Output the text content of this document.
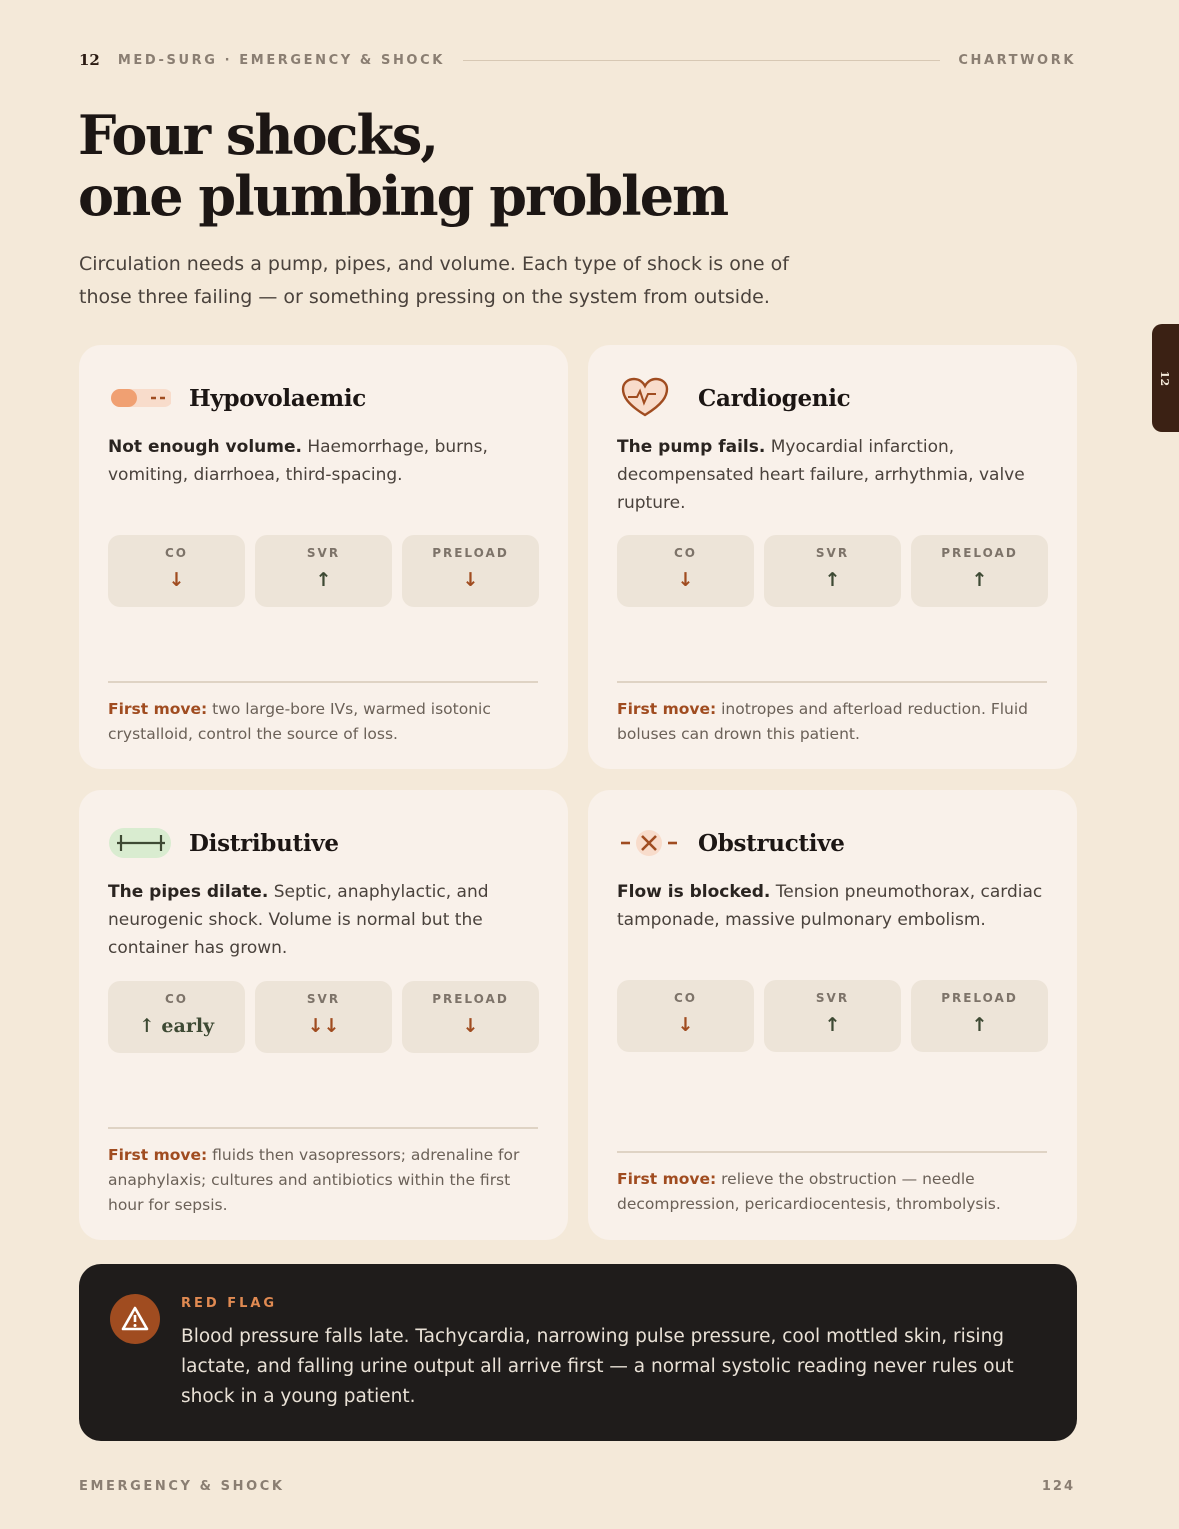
12 MED-SURG · EMERGENCY & SHOCK	CHARTWORK
Four shocks,
one plumbing problem

Circulation needs a pump, pipes, and volume. Each type of shock is one of those three failing — or something pressing on the system from outside.

12
Hypovolaemic

Not enough volume. Haemorrhage, burns, vomiting, diarrhoea, third-spacing.

CO
↓
SVR
↑
PRELOAD
↓

First move: two large-bore IVs, warmed isotonic crystalloid, control the source of loss.

Cardiogenic

The pump fails. Myocardial infarction, decompensated heart failure, arrhythmia, valve rupture.

CO
↓
SVR
↑
PRELOAD
↑

First move: inotropes and afterload reduction. Fluid boluses can drown this patient.

Distributive

The pipes dilate. Septic, anaphylactic, and neurogenic shock. Volume is normal but the container has grown.

CO
↑ early
SVR
↓↓
PRELOAD
↓

First move: fluids then vasopressors; adrenaline for anaphylaxis; cultures and antibiotics within the first hour for sepsis.

Obstructive

Flow is blocked. Tension pneumothorax, cardiac tamponade, massive pulmonary embolism.

CO
↓
SVR
↑
PRELOAD
↑

First move: relieve the obstruction — needle decompression, pericardiocentesis, thrombolysis.

RED FLAG

Blood pressure falls late. Tachycardia, narrowing pulse pressure, cool mottled skin, rising lactate, and falling urine output all arrive first — a normal systolic reading never rules out shock in a young patient.

EMERGENCY & SHOCK	124
